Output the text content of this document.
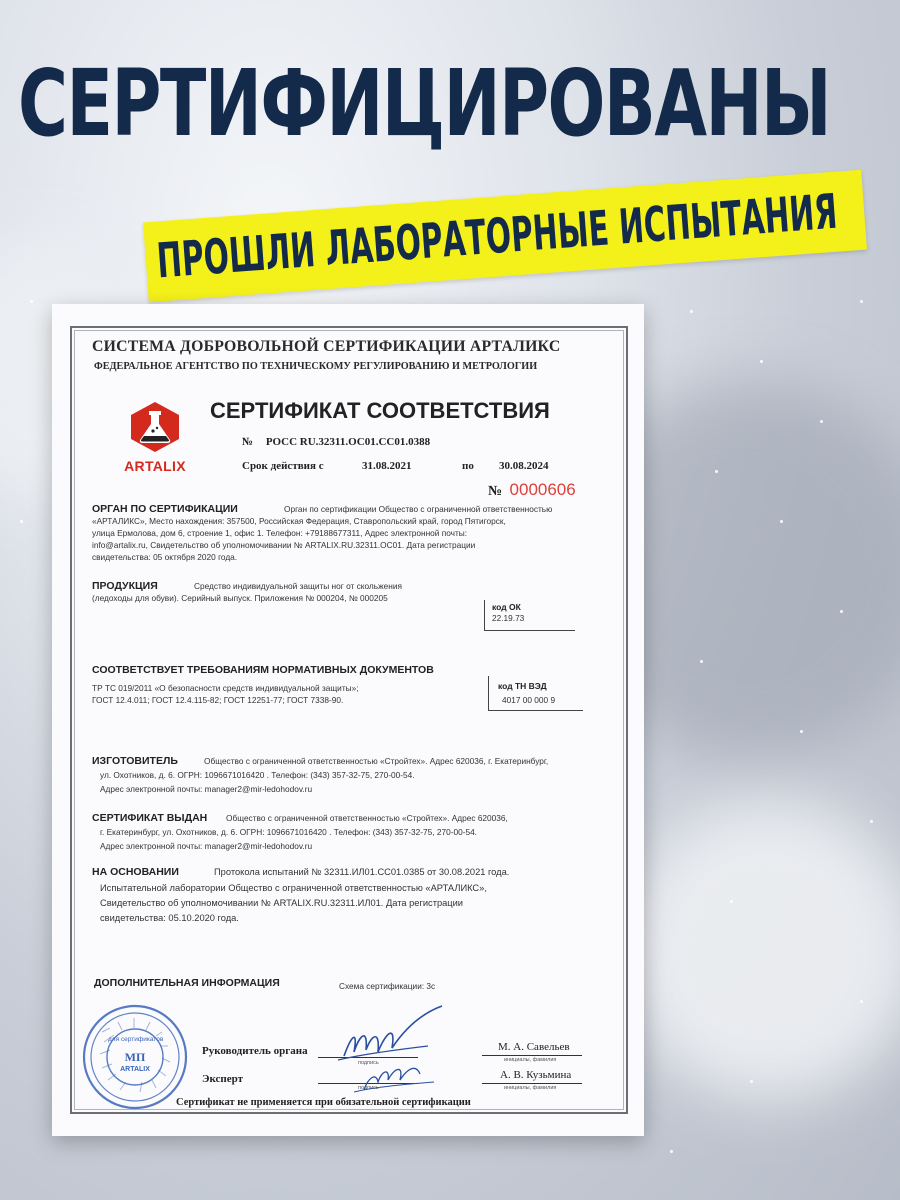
СЕРТИФИЦИРОВАНЫ
ПРОШЛИ ЛАБОРАТОРНЫЕ ИСПЫТАНИЯ
СИСТЕМА ДОБРОВОЛЬНОЙ СЕРТИФИКАЦИИ АРТАЛИКС
ФЕДЕРАЛЬНОЕ АГЕНТСТВО ПО ТЕХНИЧЕСКОМУ РЕГУЛИРОВАНИЮ И МЕТРОЛОГИИ
ARTALIX
СЕРТИФИКАТ СООТВЕТСТВИЯ
№ РОСС RU.32311.ОС01.СС01.0388
Срок действия с	31.08.2021	по 30.08.2024
№ 0000606
ОРГАН ПО СЕРТИФИКАЦИИ	Орган по сертификации Общество с ограниченной ответственностью
«АРТАЛИКС», Место нахождения: 357500, Российская Федерация, Ставропольский край, город Пятигорск,
улица Ермолова, дом 6, строение 1, офис 1. Телефон: +79188677311, Адрес электронной почты:
info@artalix.ru, Свидетельство об уполномочивании № ARTALIX.RU.32311.ОС01. Дата регистрации
свидетельства: 05 октября 2020 года.
ПРОДУКЦИЯ	Средство индивидуальной защиты ног от скольжения
(ледоходы для обуви). Серийный выпуск. Приложения № 000204, № 000205
код ОК
22.19.73
СООТВЕТСТВУЕТ ТРЕБОВАНИЯМ НОРМАТИВНЫХ ДОКУМЕНТОВ
код ТН ВЭД
4017 00 000 9
ТР ТС 019/2011 «О безопасности средств индивидуальной защиты»;
ГОСТ 12.4.011; ГОСТ 12.4.115-82; ГОСТ 12251-77; ГОСТ 7338-90.
ИЗГОТОВИТЕЛЬ	Общество с ограниченной ответственностью «Стройтех». Адрес 620036, г. Екатеринбург,
ул. Охотников, д. 6. ОГРН: 1096671016420 . Телефон: (343) 357-32-75, 270-00-54.
Адрес электронной почты: manager2@mir-ledohodov.ru
СЕРТИФИКАТ ВЫДАН Общество с ограниченной ответственностью «Стройтех». Адрес 620036,
г. Екатеринбург, ул. Охотников, д. 6. ОГРН: 1096671016420 . Телефон: (343) 357-32-75, 270-00-54.
Адрес электронной почты: manager2@mir-ledohodov.ru
НА ОСНОВАНИИ	Протокола испытаний № 32311.ИЛ01.СС01.0385 от 30.08.2021 года.
Испытательной лаборатории Общество с ограниченной ответственностью «АРТАЛИКС»,
Свидетельство об уполномочивании № ARTALIX.RU.32311.ИЛ01. Дата регистрации
свидетельства: 05.10.2020 года.
ДОПОЛНИТЕЛЬНАЯ ИНФОРМАЦИЯ	Схема сертификации: 3с
для сертификатов
МП
ARTALIX
Руководитель органа
подпись
М. А. Савельев
инициалы, фамилия
Эксперт
подпись
А. В. Кузьмина
инициалы, фамилия
Сертификат не применяется при обязательной сертификации
